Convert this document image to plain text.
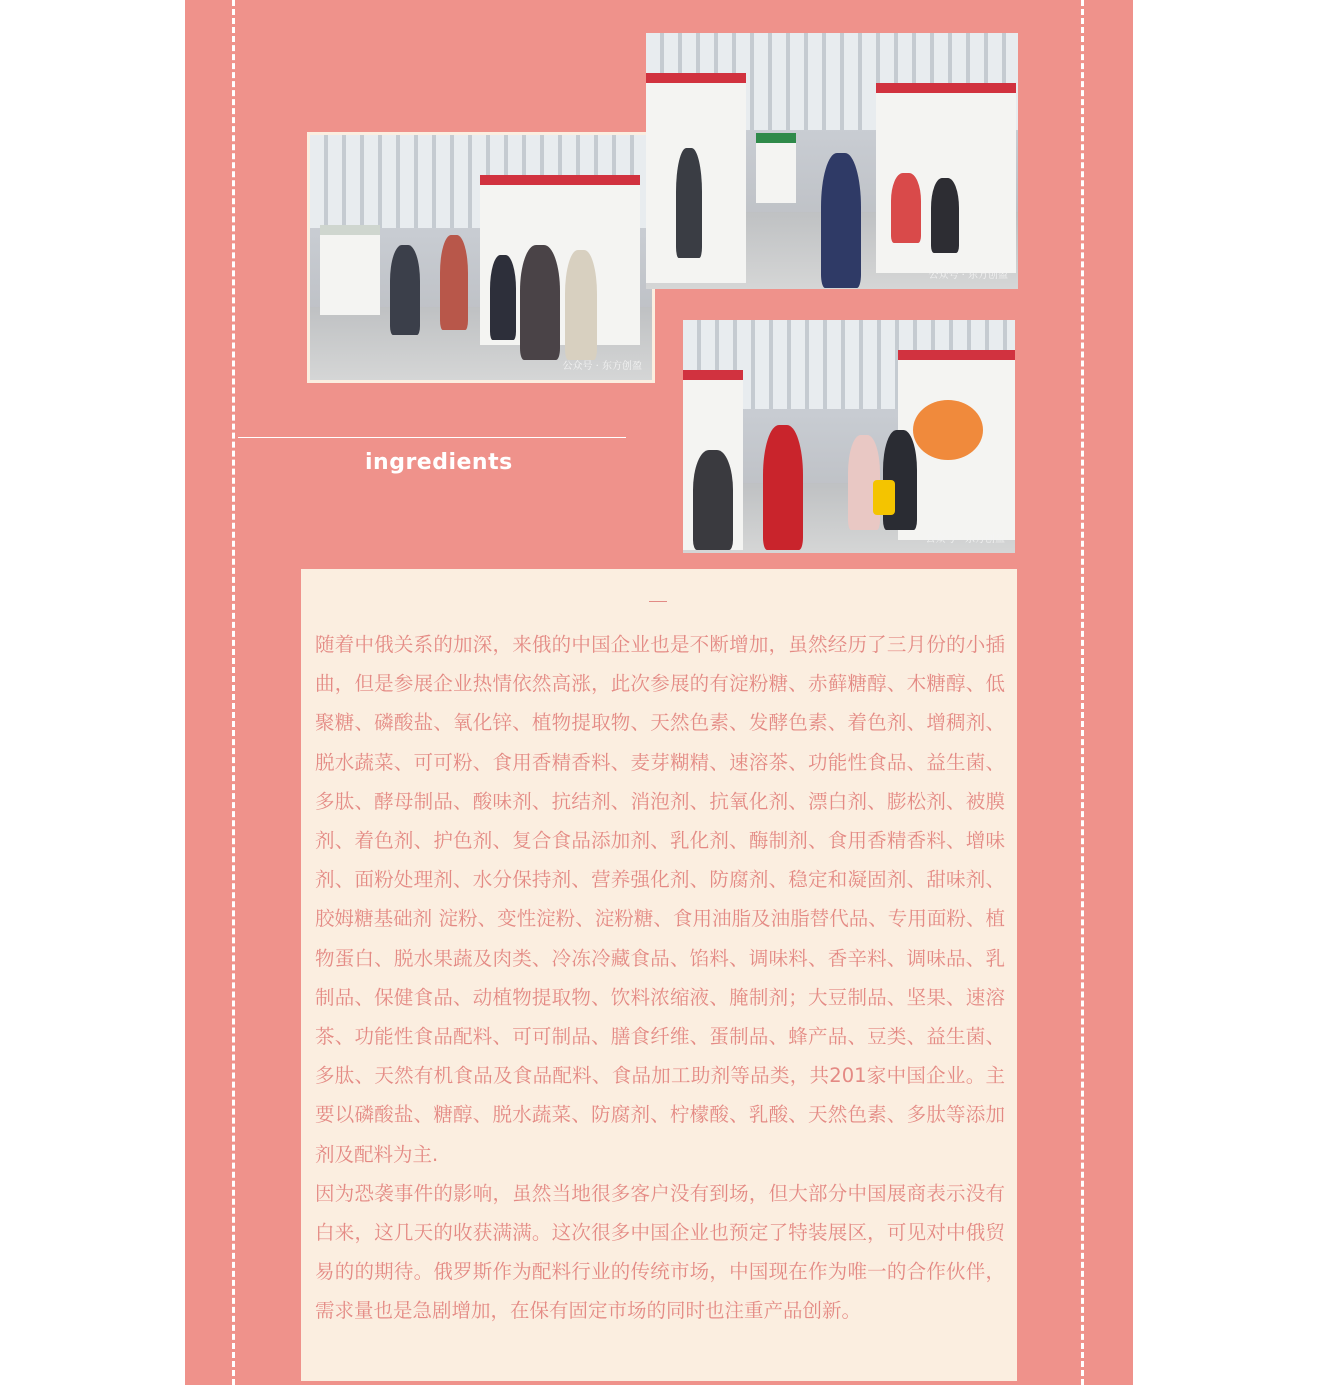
公众号 · 东方创盈
公众号 · 东方创盈
公众号 · 东方创盈
ingredients

随着中俄关系的加深，来俄的中国企业也是不断增加，虽然经历了三月份的小插曲，但是参展企业热情依然高涨，此次参展的有淀粉糖、赤藓糖醇、木糖醇、低聚糖、磷酸盐、氧化锌、植物提取物、天然色素、发酵色素、着色剂、增稠剂、脱水蔬菜、可可粉、食用香精香料、麦芽糊精、速溶茶、功能性食品、益生菌、多肽、酵母制品、酸味剂、抗结剂、消泡剂、抗氧化剂、漂白剂、膨松剂、被膜剂、着色剂、护色剂、复合食品添加剂、乳化剂、酶制剂、食用香精香料、增味剂、面粉处理剂、水分保持剂、营养强化剂、防腐剂、稳定和凝固剂、甜味剂、胶姆糖基础剂 淀粉、变性淀粉、淀粉糖、食用油脂及油脂替代品、专用面粉、植物蛋白、脱水果蔬及肉类、冷冻冷藏食品、馅料、调味料、香辛料、调味品、乳制品、保健食品、动植物提取物、饮料浓缩液、腌制剂；大豆制品、坚果、速溶茶、功能性食品配料、可可制品、膳食纤维、蛋制品、蜂产品、豆类、益生菌、多肽、天然有机食品及食品配料、食品加工助剂等品类，共201家中国企业。主要以磷酸盐、糖醇、脱水蔬菜、防腐剂、柠檬酸、乳酸、天然色素、多肽等添加剂及配料为主.

因为恐袭事件的影响，虽然当地很多客户没有到场，但大部分中国展商表示没有白来，这几天的收获满满。这次很多中国企业也预定了特装展区，可见对中俄贸易的的期待。俄罗斯作为配料行业的传统市场，中国现在作为唯一的合作伙伴，需求量也是急剧增加，在保有固定市场的同时也注重产品创新。
